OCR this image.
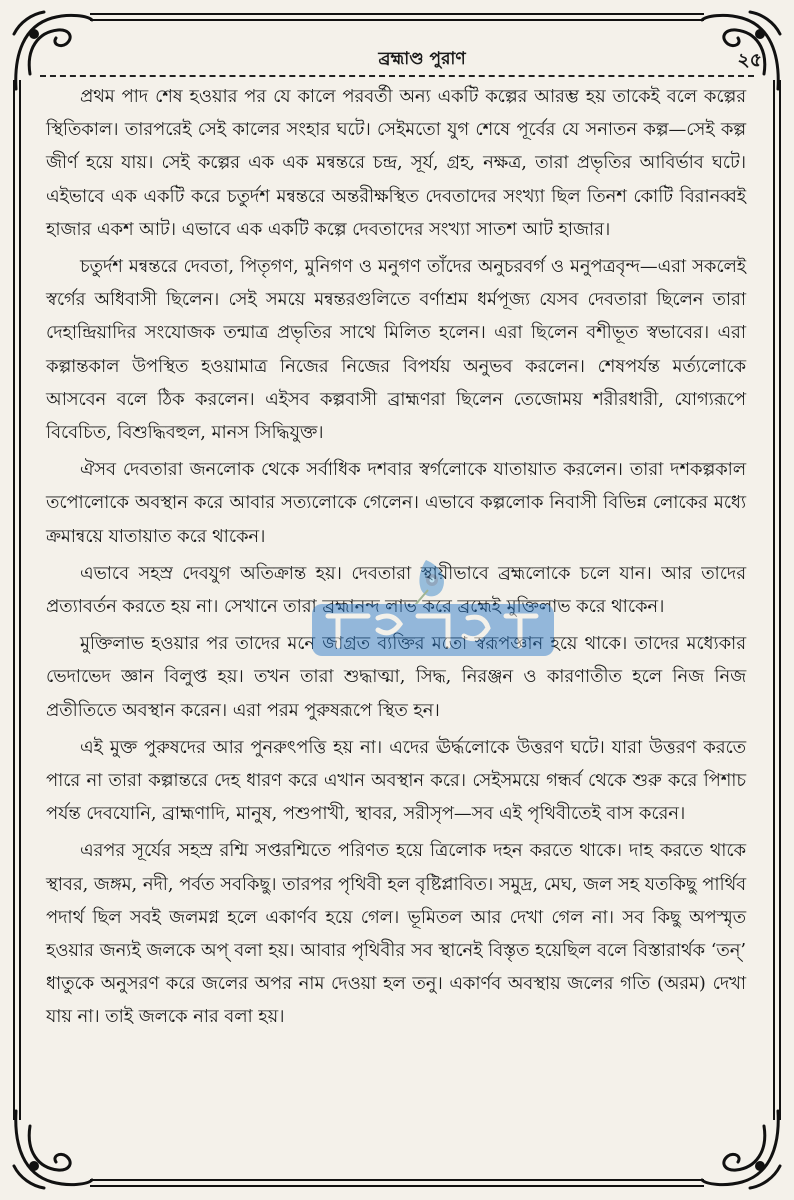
ব্রহ্মাণ্ড পুরাণ	২৫

প্রথম পাদ শেষ হওয়ার পর যে কালে পরবর্তী অন্য একটি কল্পের আরম্ভ হয় তাকেই বলে কল্পের স্থিতিকাল। তারপরেই সেই কালের সংহার ঘটে। সেইমতো যুগ শেষে পূর্বের যে সনাতন কল্প—সেই কল্প জীর্ণ হয়ে যায়। সেই কল্পের এক এক মন্বন্তরে চন্দ্র, সূর্য, গ্রহ, নক্ষত্র, তারা প্রভৃতির আবির্ভাব ঘটে। এইভাবে এক একটি করে চতুর্দশ মন্বন্তরে অন্তরীক্ষস্থিত দেবতাদের সংখ্যা ছিল তিনশ কোটি বিরানব্বই হাজার একশ আট। এভাবে এক একটি কল্পে দেবতাদের সংখ্যা সাতশ আট হাজার।

চতুর্দশ মন্বন্তরে দেবতা, পিতৃগণ, মুনিগণ ও মনুগণ তাঁদের অনুচরবর্গ ও মনুপত্রবৃন্দ—এরা সকলেই স্বর্গের অধিবাসী ছিলেন। সেই সময়ে মন্বন্তরগুলিতে বর্ণাশ্রম ধর্মপূজ্য যেসব দেবতারা ছিলেন তারা দেহান্দ্রিয়াদির সংযোজক তন্মাত্র প্রভৃতির সাথে মিলিত হলেন। এরা ছিলেন বশীভূত স্বভাবের। এরা কল্পান্তকাল উপস্থিত হওয়ামাত্র নিজের নিজের বিপর্যয় অনুভব করলেন। শেষপর্যন্ত মর্ত্যলোকে আসবেন বলে ঠিক করলেন। এইসব কল্পবাসী ব্রাহ্মণরা ছিলেন তেজোময় শরীরধারী, যোগ্যরূপে বিবেচিত, বিশুদ্ধিবহুল, মানস সিদ্ধিযুক্ত।

ঐসব দেবতারা জনলোক থেকে সর্বাধিক দশবার স্বর্গলোকে যাতায়াত করলেন। তারা দশকল্পকাল তপোলোকে অবস্থান করে আবার সত্যলোকে গেলেন। এভাবে কল্পলোক নিবাসী বিভিন্ন লোকের মধ্যে ক্রমান্বয়ে যাতায়াত করে থাকেন।

এভাবে সহস্র দেবযুগ অতিক্রান্ত হয়। দেবতারা স্থায়ীভাবে ব্রহ্মলোকে চলে যান। আর তাদের প্রত্যাবর্তন করতে হয় না। সেখানে তারা ব্রহ্মানন্দ লাভ করে ব্রহ্মেই মুক্তিলাভ করে থাকেন।

মুক্তিলাভ হওয়ার পর তাদের মনে জাগ্রত ব্যক্তির মতো স্বরূপজ্ঞান হয়ে থাকে। তাদের মধ্যেকার ভেদাভেদ জ্ঞান বিলুপ্ত হয়। তখন তারা শুদ্ধাত্মা, সিদ্ধ, নিরঞ্জন ও কারণাতীত হলে নিজ নিজ প্রতীতিতে অবস্থান করেন। এরা পরম পুরুষরূপে স্থিত হন।

এই মুক্ত পুরুষদের আর পুনরুৎপত্তি হয় না। এদের ঊর্দ্ধলোকে উত্তরণ ঘটে। যারা উত্তরণ করতে পারে না তারা কল্পান্তরে দেহ ধারণ করে এখান অবস্থান করে। সেইসময়ে গন্ধর্ব থেকে শুরু করে পিশাচ পর্যন্ত দেবযোনি, ব্রাহ্মণাদি, মানুষ, পশুপাখী, স্থাবর, সরীসৃপ—সব এই পৃথিবীতেই বাস করেন।

এরপর সূর্যের সহস্র রশ্মি সপ্তরশ্মিতে পরিণত হয়ে ত্রিলোক দহন করতে থাকে। দাহ করতে থাকে স্থাবর, জঙ্গম, নদী, পর্বত সবকিছু। তারপর পৃথিবী হল বৃষ্টিপ্লাবিত। সমুদ্র, মেঘ, জল সহ যতকিছু পার্থিব পদার্থ ছিল সবই জলমগ্ন হলে একার্ণব হয়ে গেল। ভূমিতল আর দেখা গেল না। সব কিছু অপস্মৃত হওয়ার জন্যই জলকে অপ্ বলা হয়। আবার পৃথিবীর সব স্থানেই বিস্তৃত হয়েছিল বলে বিস্তারার্থক ‘তন্’ ধাতুকে অনুসরণ করে জলের অপর নাম দেওয়া হল তনু। একার্ণব অবস্থায় জলের গতি (অরম) দেখা যায় না। তাই জলকে নার বলা হয়।
